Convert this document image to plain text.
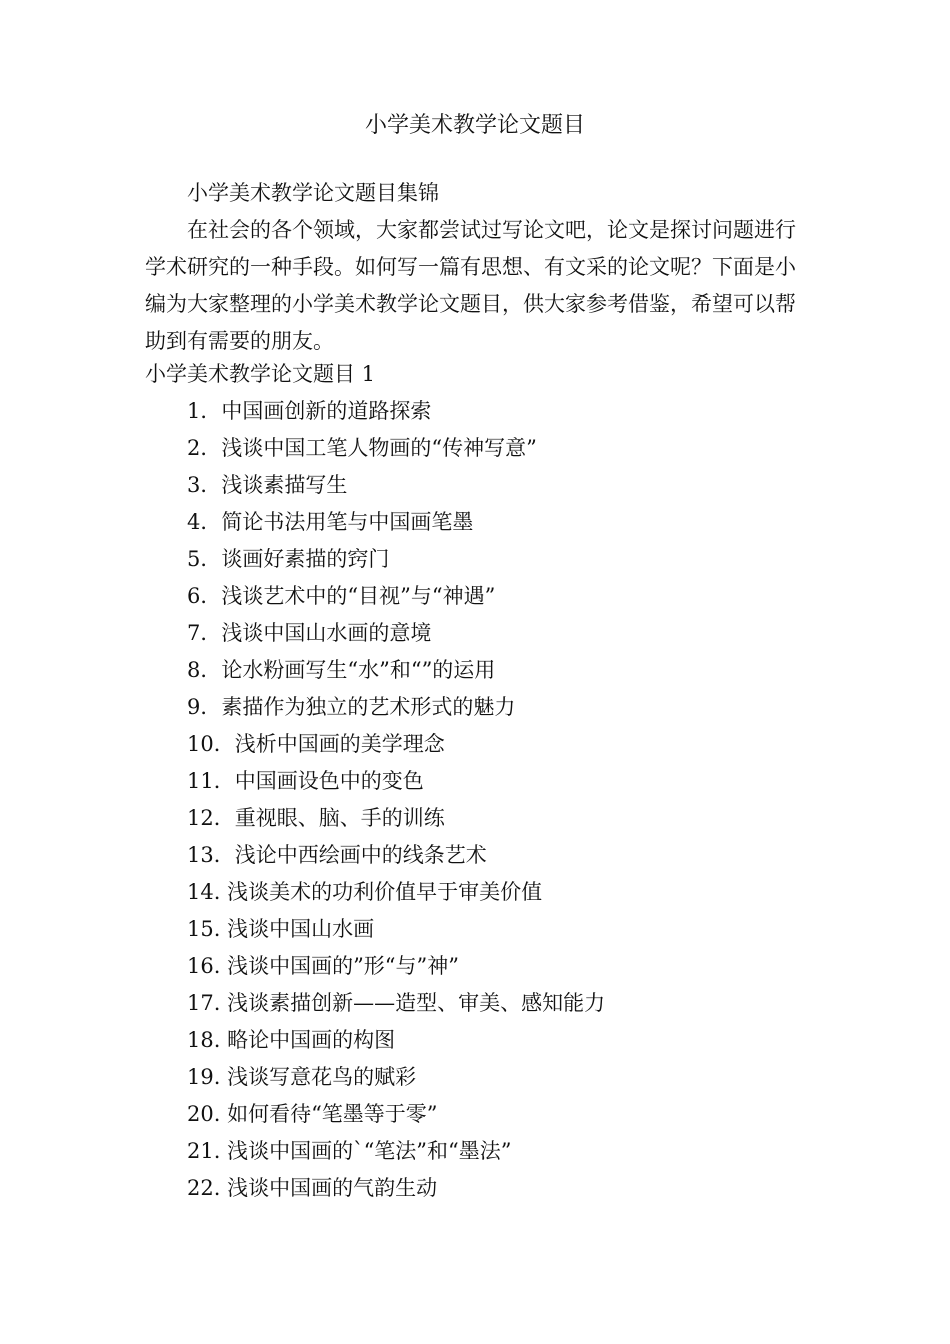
小学美术教学论文题目

小学美术教学论文题目集锦

在社会的各个领域，大家都尝试过写论文吧，论文是探讨问题进行学术研究的一种手段。如何写一篇有思想、有文采的论文呢？下面是小编为大家整理的小学美术教学论文题目，供大家参考借鉴，希望可以帮助到有需要的朋友。

小学美术教学论文题目 1

1．中国画创新的道路探索
2．浅谈中国工笔人物画的“传神写意”
3．浅谈素描写生
4．简论书法用笔与中国画笔墨
5．谈画好素描的窍门
6．浅谈艺术中的“目视”与“神遇”
7．浅谈中国山水画的意境
8．论水粉画写生“水”和“”的运用
9．素描作为独立的艺术形式的魅力
10．浅析中国画的美学理念
11．中国画设色中的变色
12．重视眼、脑、手的训练
13．浅论中西绘画中的线条艺术
14. 浅谈美术的功利价值早于审美价值
15. 浅谈中国山水画
16. 浅谈中国画的”形“与”神”
17. 浅谈素描创新——造型、审美、感知能力
18. 略论中国画的构图
19. 浅谈写意花鸟的赋彩
20. 如何看待“笔墨等于零”
21. 浅谈中国画的`“笔法”和“墨法”
22. 浅谈中国画的气韵生动
